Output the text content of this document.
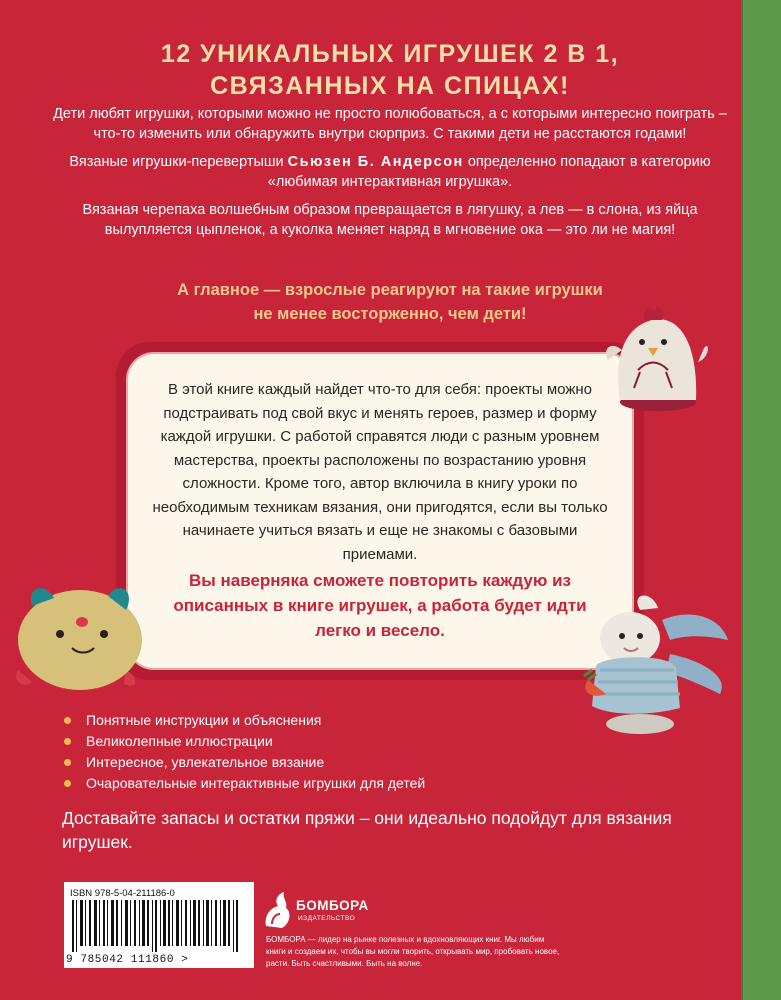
12 УНИКАЛЬНЫХ ИГРУШЕК 2 В 1,
СВЯЗАННЫХ НА СПИЦАХ!

Дети любят игрушки, которыми можно не просто полюбоваться, а с которыми интересно поиграть – что-то изменить или обнаружить внутри сюрприз. С такими дети не расстаются годами!

Вязаные игрушки-перевертыши Сьюзен Б. Андерсон определенно попадают в категорию «любимая интерактивная игрушка».

Вязаная черепаха волшебным образом превращается в лягушку, а лев — в слона, из яйца вылупляется цыпленок, а куколка меняет наряд в мгновение ока — это ли не магия!

А главное — взрослые реагируют на такие игрушки
не менее восторженно, чем дети!
В этой книге каждый найдет что-то для себя: проекты можно подстраивать под свой вкус и менять героев, размер и форму каждой игрушки. С работой справятся люди с разным уровнем мастерства, проекты расположены по возрастанию уровня сложности. Кроме того, автор включила в книгу уроки по необходимым техникам вязания, они пригодятся, если вы только начинаете учиться вязать и еще не знакомы с базовыми приемами.
Вы наверняка сможете повторить каждую из описанных в книге игрушек, а работа будет идти легко и весело.
Понятные инструкции и объяснения
Великолепные иллюстрации
Интересное, увлекательное вязание
Очаровательные интерактивные игрушки для детей
Доставайте запасы и остатки пряжи – они идеально подойдут для вязания игрушек.
ISBN 978-5-04-211186-0
9 785042 111860 >
БОМБОРА
ИЗДАТЕЛЬСТВО
БОМБОРА — лидер на рынке полезных и вдохновляющих книг. Мы любим книги и создаем их, чтобы вы могли творить, открывать мир, пробовать новое, расти. Быть счастливыми. Быть на волне.
